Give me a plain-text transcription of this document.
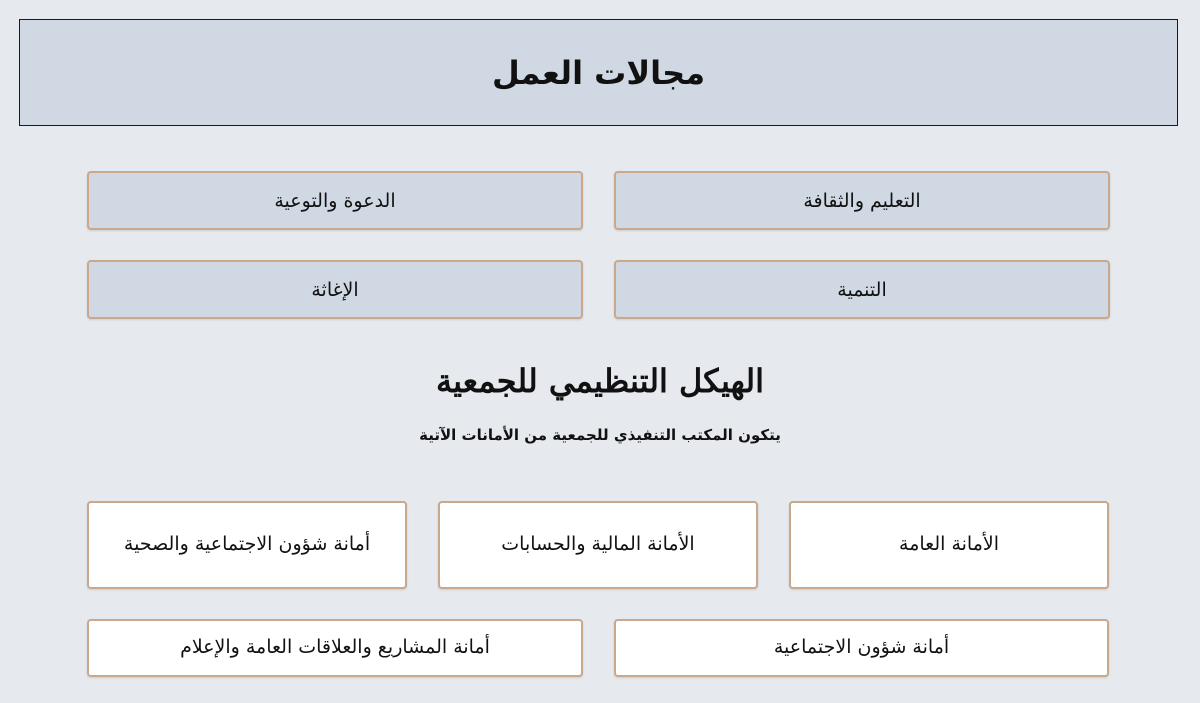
مجالات العمل
التعليم والثقافة
الدعوة والتوعية
التنمية
الإغاثة
الهيكل التنظيمي للجمعية

يتكون المكتب التنفيذي للجمعية من الأمانات الآتية

الأمانة العامة
الأمانة المالية والحسابات
أمانة شؤون الاجتماعية والصحية
أمانة شؤون الاجتماعية
أمانة المشاريع والعلاقات العامة والإعلام
